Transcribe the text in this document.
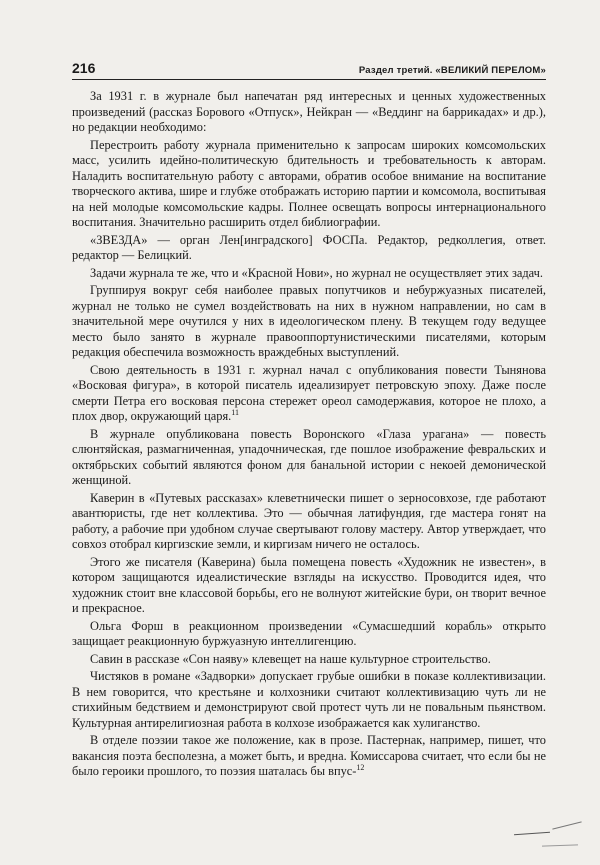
216	Раздел третий. «ВЕЛИКИЙ ПЕРЕЛОМ»

За 1931 г. в журнале был напечатан ряд интересных и ценных художественных произведений (рассказ Борового «Отпуск», Нейкран — «Веддинг на баррикадах» и др.), но редакции необходимо:

Перестроить работу журнала применительно к запросам широких комсомольских масс, усилить идейно-политическую бдительность и требовательность к авторам. Наладить воспитательную работу с авторами, обратив особое внимание на воспитание творческого актива, шире и глубже отображать историю партии и комсомола, воспитывая на ней молодые комсомольские кадры. Полнее освещать вопросы интернационального воспитания. Значительно расширить отдел библиографии.

«ЗВЕЗДА» — орган Лен[инградского] ФОСПа. Редактор, редколлегия, ответ. редактор — Белицкий.

Задачи журнала те же, что и «Красной Нови», но журнал не осуществляет этих задач.

Группируя вокруг себя наиболее правых попутчиков и небуржуазных писателей, журнал не только не сумел воздействовать на них в нужном направлении, но сам в значительной мере очутился у них в идеологическом плену. В текущем году ведущее место было занято в журнале правооппортунистическими писателями, которым редакция обеспечила возможность враждебных выступлений.

Свою деятельность в 1931 г. журнал начал с опубликования повести Тынянова «Восковая фигура», в которой писатель идеализирует петровскую эпоху. Даже после смерти Петра его восковая персона стережет ореол самодержавия, которое не плохо, а плох двор, окружающий царя.$^{11}$

В журнале опубликована повесть Воронского «Глаза урагана» — повесть слюнтяйская, размагниченная, упадочническая, где пошлое изображение февральских и октябрьских событий являются фоном для банальной истории с некоей демонической женщиной.

Каверин в «Путевых рассказах» клеветнически пишет о зерносовхозе, где работают авантюристы, где нет коллектива. Это — обычная латифундия, где мастера гонят на работу, а рабочие при удобном случае свертывают голову мастеру. Автор утверждает, что совхоз отобрал киргизские земли, и киргизам ничего не осталось.

Этого же писателя (Каверина) была помещена повесть «Художник не известен», в котором защищаются идеалистические взгляды на искусство. Проводится идея, что художник стоит вне классовой борьбы, его не волнуют житейские бури, он творит вечное и прекрасное.

Ольга Форш в реакционном произведении «Сумасшедший корабль» открыто защищает реакционную буржуазную интеллигенцию.

Савин в рассказе «Сон наяву» клевещет на наше культурное строительство.

Чистяков в романе «Задворки» допускает грубые ошибки в показе коллективизации. В нем говорится, что крестьяне и колхозники считают коллективизацию чуть ли не стихийным бедствием и демонстрируют свой протест чуть ли не повальным пьянством. Культурная антирелигиозная работа в колхозе изображается как хулиганство.

В отделе поэзии такое же положение, как в прозе. Пастернак, например, пишет, что вакансия поэта бесполезна, а может быть, и вредна. Комиссарова считает, что если бы не было героики прошлого, то поэзия шаталась бы впус-$^{12}$
